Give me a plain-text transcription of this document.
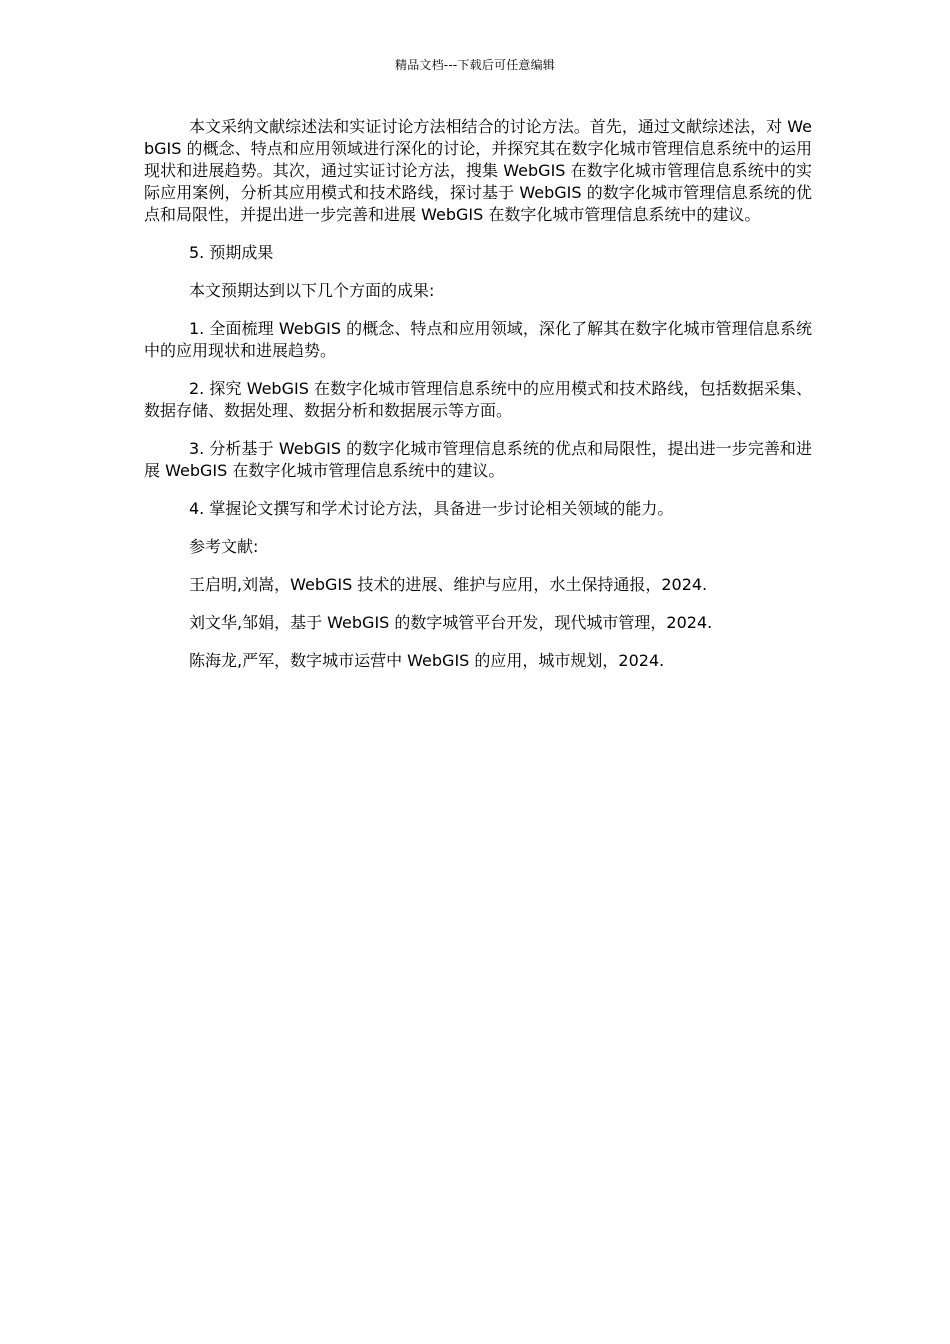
精品文档---下载后可任意编辑

本文采纳文献综述法和实证讨论方法相结合的讨论方法。首先，通过文献综述法，对 WebGIS 的概念、特点和应用领域进行深化的讨论，并探究其在数字化城市管理信息系统中的运用现状和进展趋势。其次，通过实证讨论方法，搜集 WebGIS 在数字化城市管理信息系统中的实际应用案例，分析其应用模式和技术路线，探讨基于 WebGIS 的数字化城市管理信息系统的优点和局限性，并提出进一步完善和进展 WebGIS 在数字化城市管理信息系统中的建议。

5. 预期成果

本文预期达到以下几个方面的成果:

1. 全面梳理 WebGIS 的概念、特点和应用领域，深化了解其在数字化城市管理信息系统中的应用现状和进展趋势。

2. 探究 WebGIS 在数字化城市管理信息系统中的应用模式和技术路线，包括数据采集、数据存储、数据处理、数据分析和数据展示等方面。

3. 分析基于 WebGIS 的数字化城市管理信息系统的优点和局限性，提出进一步完善和进展 WebGIS 在数字化城市管理信息系统中的建议。

4. 掌握论文撰写和学术讨论方法，具备进一步讨论相关领域的能力。

参考文献:

王启明,刘嵩，WebGIS 技术的进展、维护与应用，水土保持通报，2024.

刘文华,邹娟，基于 WebGIS 的数字城管平台开发，现代城市管理，2024.

陈海龙,严军，数字城市运营中 WebGIS 的应用，城市规划，2024.
